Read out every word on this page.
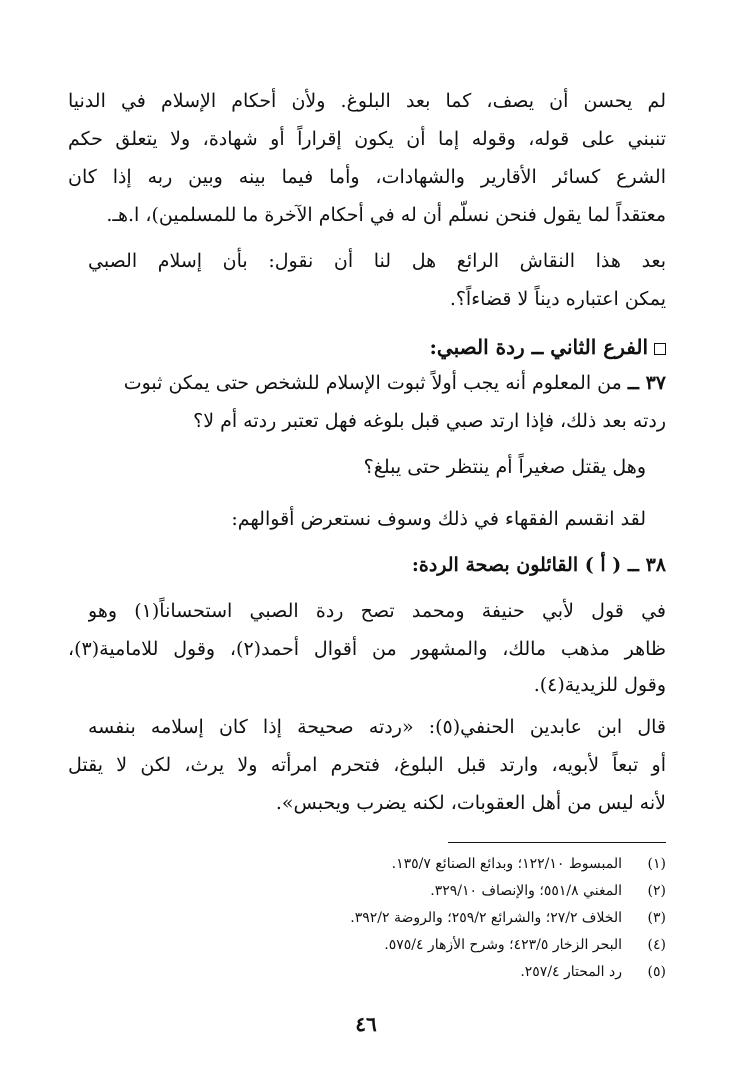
لم يحسن أن يصف، كما بعد البلوغ. ولأن أحكام الإسلام في الدنيا
تنبني على قوله، وقوله إما أن يكون إقراراً أو شهادة، ولا يتعلق حكم
الشرع كسائر الأقارير والشهادات، وأما فيما بينه وبين ربه إذا كان
معتقداً لما يقول فنحن نسلّم أن له في أحكام الآخرة ما للمسلمين)، ا.هـ.
بعد هذا النقاش الرائع هل لنا أن نقول: بأن إسلام الصبي
يمكن اعتباره ديناً لا قضاءاً؟.
الفرع الثاني ــ ردة الصبي:
٣٧ ــ من المعلوم أنه يجب أولاً ثبوت الإسلام للشخص حتى يمكن ثبوت
ردته بعد ذلك، فإذا ارتد صبي قبل بلوغه فهل تعتبر ردته أم لا؟
وهل يقتل صغيراً أم ينتظر حتى يبلغ؟
لقد انقسم الفقهاء في ذلك وسوف نستعرض أقوالهم:
٣٨ ــ ( أ ) القائلون بصحة الردة:
في قول لأبي حنيفة ومحمد تصح ردة الصبي استحساناً(١) وهو
ظاهر مذهب مالك، والمشهور من أقوال أحمد(٢)، وقول للامامية(٣)،
وقول للزيدية(٤).
قال ابن عابدين الحنفي(٥): «ردته صحيحة إذا كان إسلامه بنفسه
أو تبعاً لأبويه، وارتد قبل البلوغ، فتحرم امرأته ولا يرث، لكن لا يقتل
لأنه ليس من أهل العقوبات، لكنه يضرب ويحبس».
(١)المبسوط ١٢٢/١٠؛ وبدائع الصنائع ١٣٥/٧.
(٢)المغني ٥٥١/٨؛ والإنصاف ٣٢٩/١٠.
(٣)الخلاف ٢٧/٢؛ والشرائع ٢٥٩/٢؛ والروضة ٣٩٢/٢.
(٤)البحر الزخار ٤٢٣/٥؛ وشرح الأزهار ٥٧٥/٤.
(٥)رد المحتار ٢٥٧/٤.
٤٦
